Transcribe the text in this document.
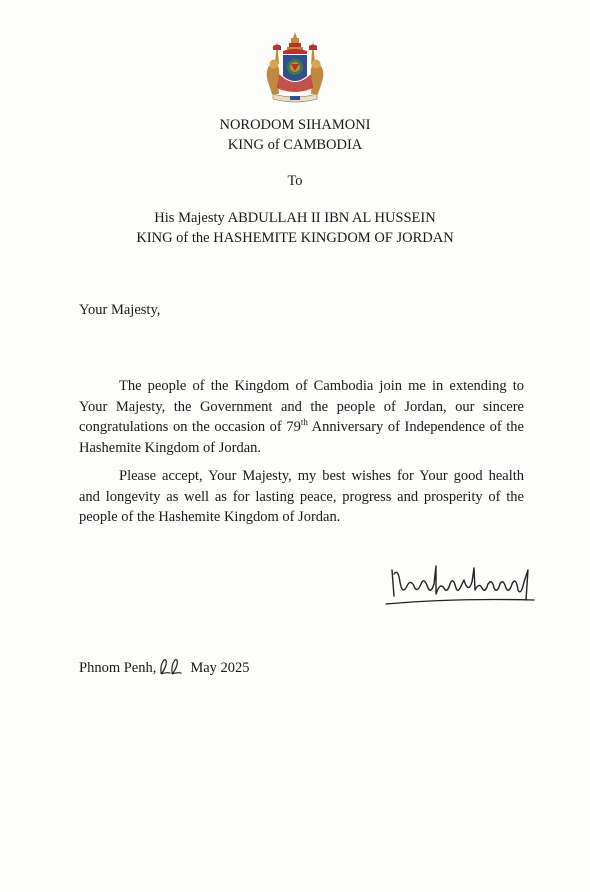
NORODOM SIHAMONI
KING of CAMBODIA
To
His Majesty ABDULLAH II IBN AL HUSSEIN
KING of the HASHEMITE KINGDOM OF JORDAN
Your Majesty,

The people of the Kingdom of Cambodia join me in extending to Your Majesty, the Government and the people of Jordan, our sincere congratulations on the occasion of 79th Anniversary of Independence of the Hashemite Kingdom of Jordan.

Please accept, Your Majesty, my best wishes for Your good health and longevity as well as for lasting peace, progress and prosperity of the people of the Hashemite Kingdom of Jordan.

Phnom Penh, May 2025
